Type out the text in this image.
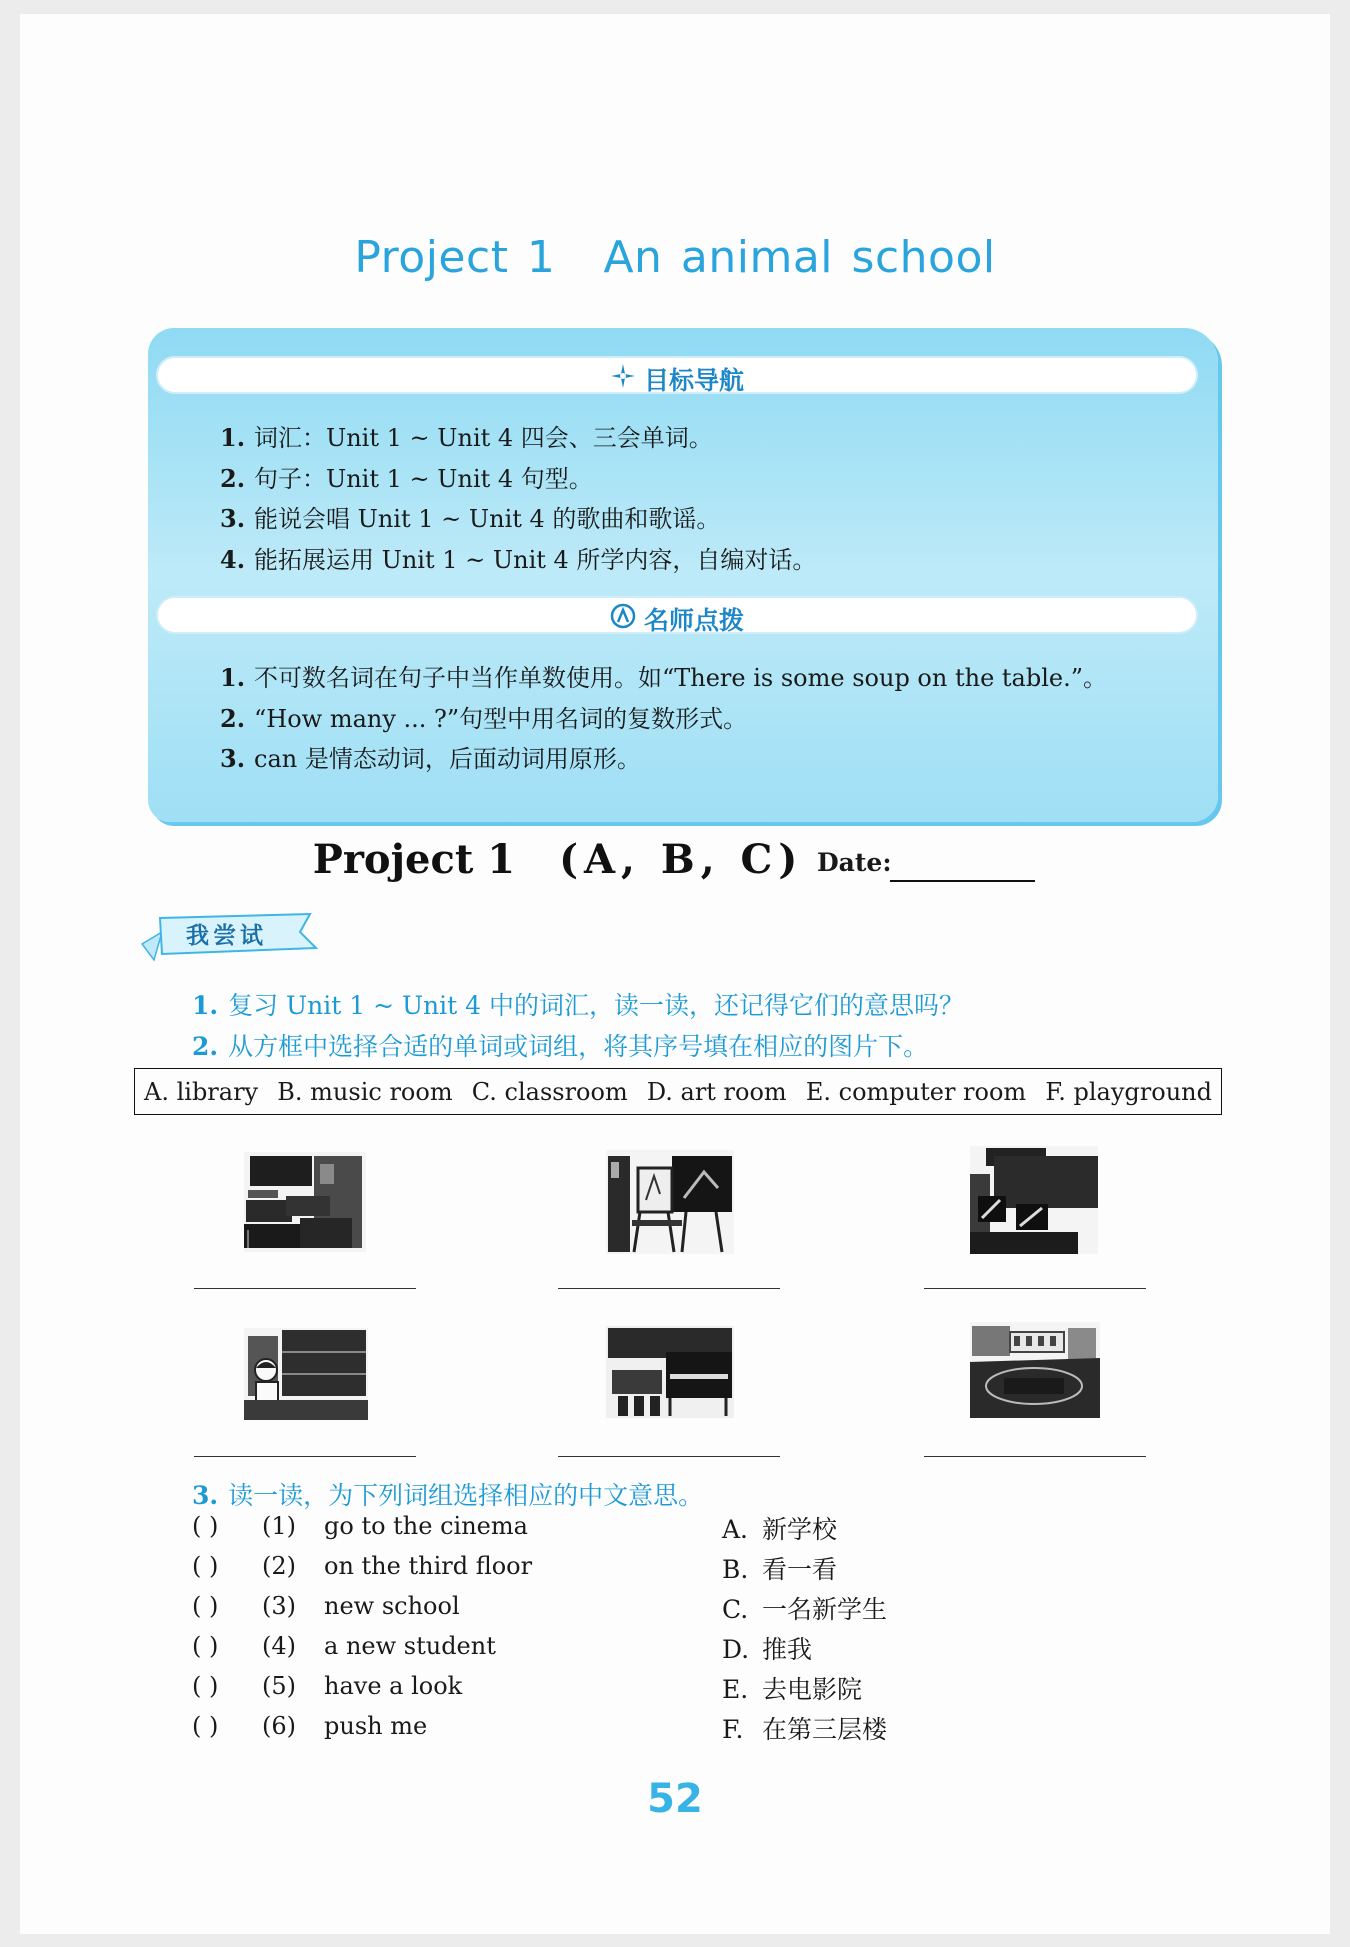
Project 1 An animal school
目标导航
1. 词汇：Unit 1 ~ Unit 4 四会、三会单词。
2. 句子：Unit 1 ~ Unit 4 句型。
3. 能说会唱 Unit 1 ~ Unit 4 的歌曲和歌谣。
4. 能拓展运用 Unit 1 ~ Unit 4 所学内容，自编对话。
名师点拨
1. 不可数名词在句子中当作单数使用。如“There is some soup on the table.”。
2. “How many ... ?”句型中用名词的复数形式。
3. can 是情态动词，后面动词用原形。
Project 1 (A, B, C) Date:
我尝试
1. 复习 Unit 1 ~ Unit 4 中的词汇，读一读，还记得它们的意思吗？
2. 从方框中选择合适的单词或词组，将其序号填在相应的图片下。
A. library B. music room C. classroom D. art room E. computer room F. playground
3. 读一读，为下列词组选择相应的中文意思。
( ) (1) go to the cinema
( ) (2) on the third floor
( ) (3) new school
( ) (4) a new student
( ) (5) have a look
( ) (6) push me
A. 新学校
B. 看一看
C. 一名新学生
D. 推我
E. 去电影院
F. 在第三层楼
52
